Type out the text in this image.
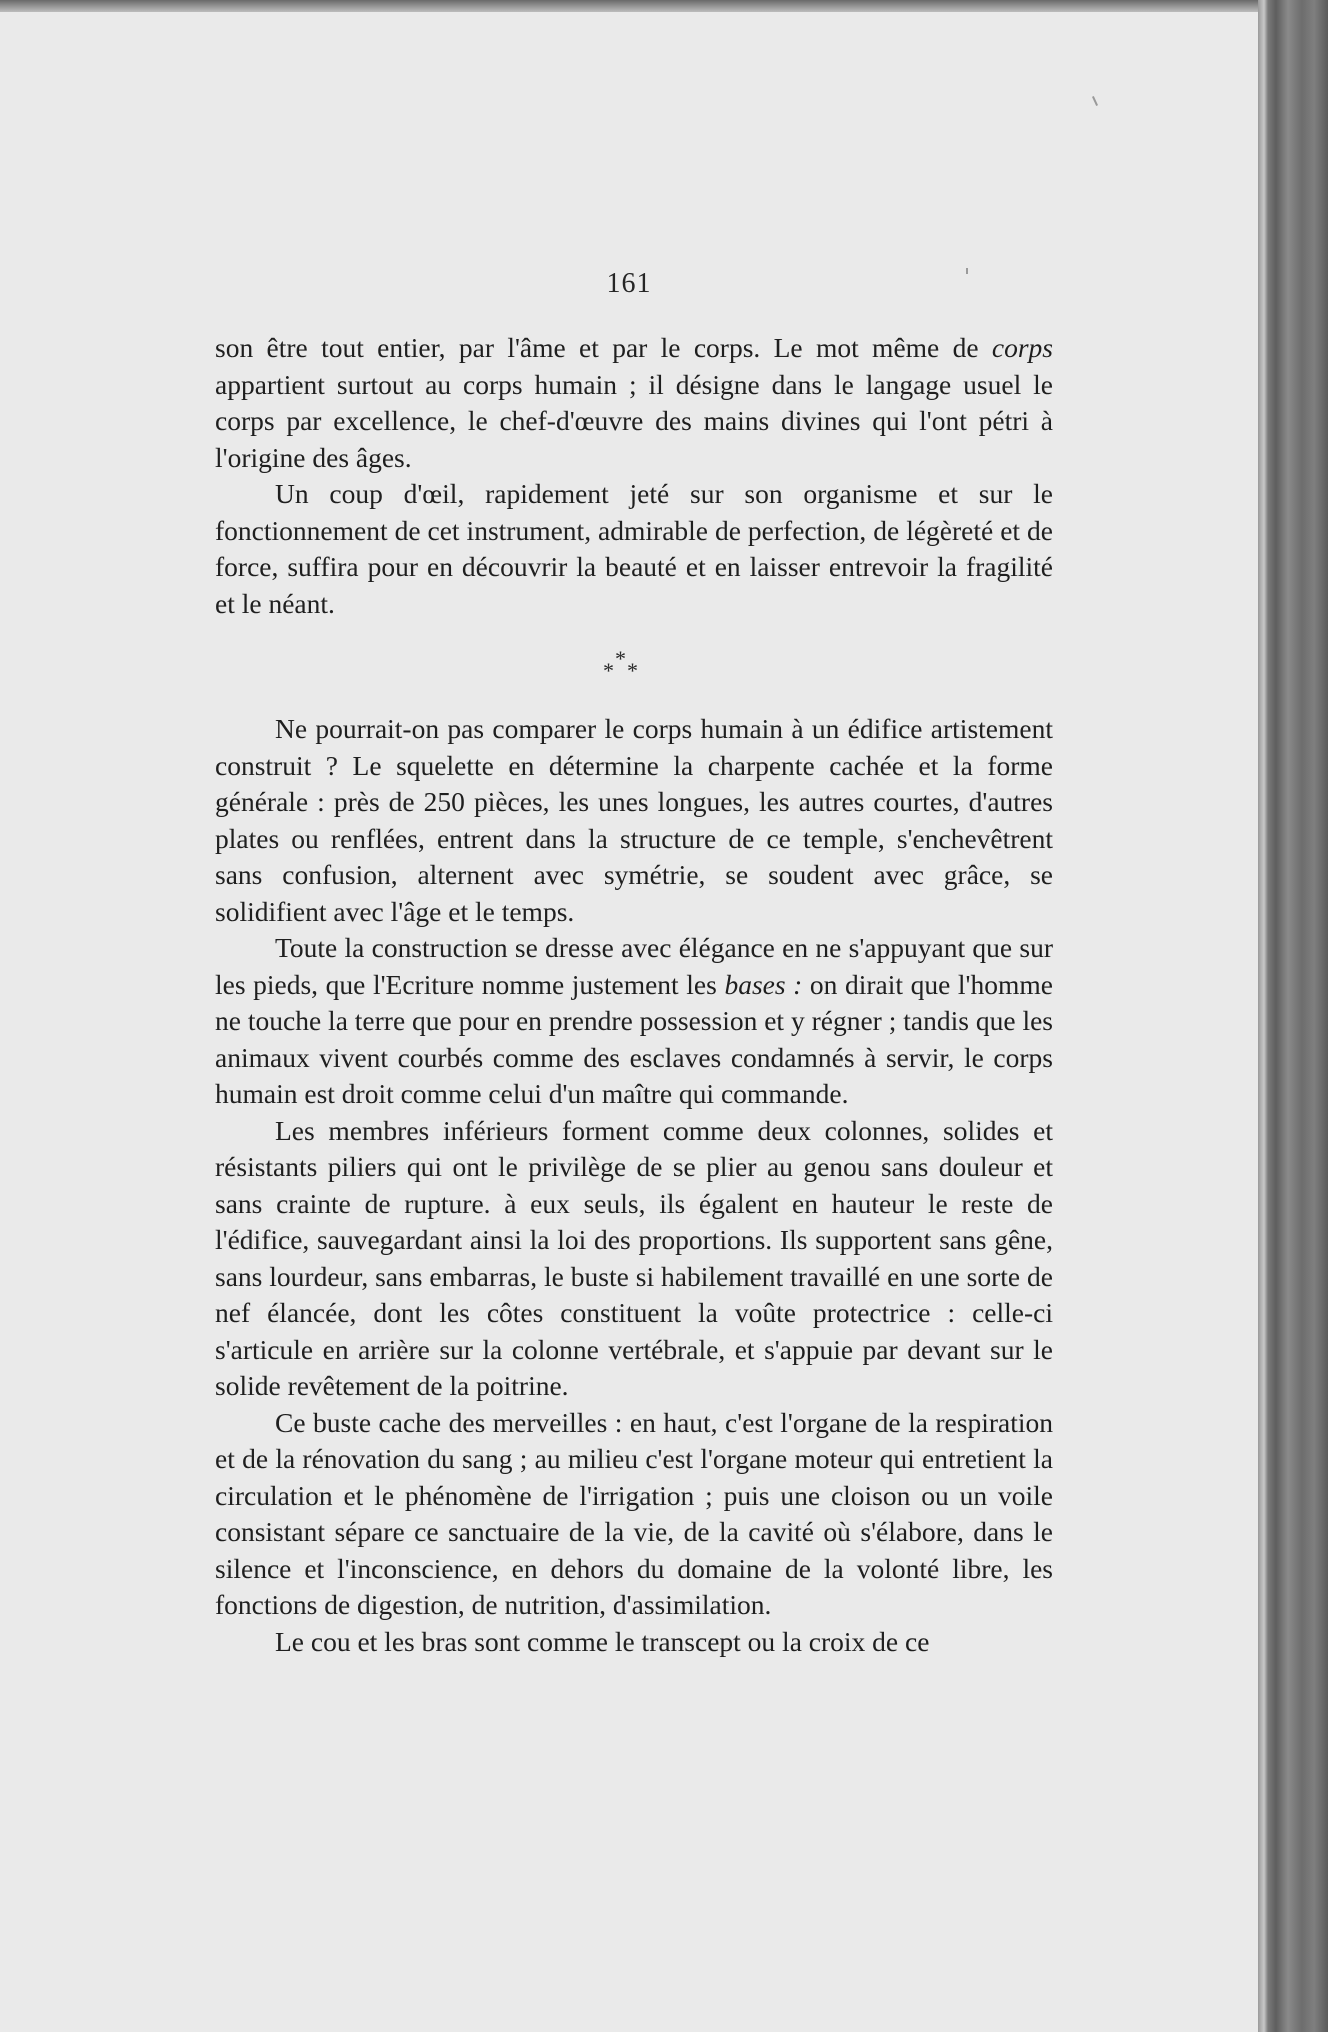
161

son être tout entier, par l'âme et par le corps. Le mot même de corps appartient surtout au corps humain ; il désigne dans le langage usuel le corps par excellence, le chef-d'œuvre des mains divines qui l'ont pétri à l'origine des âges.

Un coup d'œil, rapidement jeté sur son organisme et sur le fonctionnement de cet instrument, admirable de perfection, de légèreté et de force, suffira pour en découvrir la beauté et en laisser entrevoir la fragilité et le néant.

*
* *

Ne pourrait-on pas comparer le corps humain à un édifice artistement construit ? Le squelette en détermine la charpente cachée et la forme générale : près de 250 pièces, les unes longues, les autres courtes, d'autres plates ou renflées, entrent dans la structure de ce temple, s'enchevêtrent sans confusion, alternent avec symétrie, se soudent avec grâce, se solidifient avec l'âge et le temps.

Toute la construction se dresse avec élégance en ne s'appuyant que sur les pieds, que l'Ecriture nomme justement les bases : on dirait que l'homme ne touche la terre que pour en prendre possession et y régner ; tandis que les animaux vivent courbés comme des esclaves condamnés à servir, le corps humain est droit comme celui d'un maître qui commande.

Les membres inférieurs forment comme deux colonnes, solides et résistants piliers qui ont le privilège de se plier au genou sans douleur et sans crainte de rupture. à eux seuls, ils égalent en hauteur le reste de l'édifice, sauvegardant ainsi la loi des proportions. Ils supportent sans gêne, sans lourdeur, sans embarras, le buste si habilement travaillé en une sorte de nef élancée, dont les côtes constituent la voûte protectrice : celle-ci s'articule en arrière sur la colonne vertébrale, et s'appuie par devant sur le solide revêtement de la poitrine.

Ce buste cache des merveilles : en haut, c'est l'organe de la respiration et de la rénovation du sang ; au milieu c'est l'organe moteur qui entretient la circulation et le phénomène de l'irrigation ; puis une cloison ou un voile consistant sépare ce sanctuaire de la vie, de la cavité où s'élabore, dans le silence et l'inconscience, en dehors du domaine de la volonté libre, les fonctions de digestion, de nutrition, d'assimilation.

Le cou et les bras sont comme le transcept ou la croix de ce
